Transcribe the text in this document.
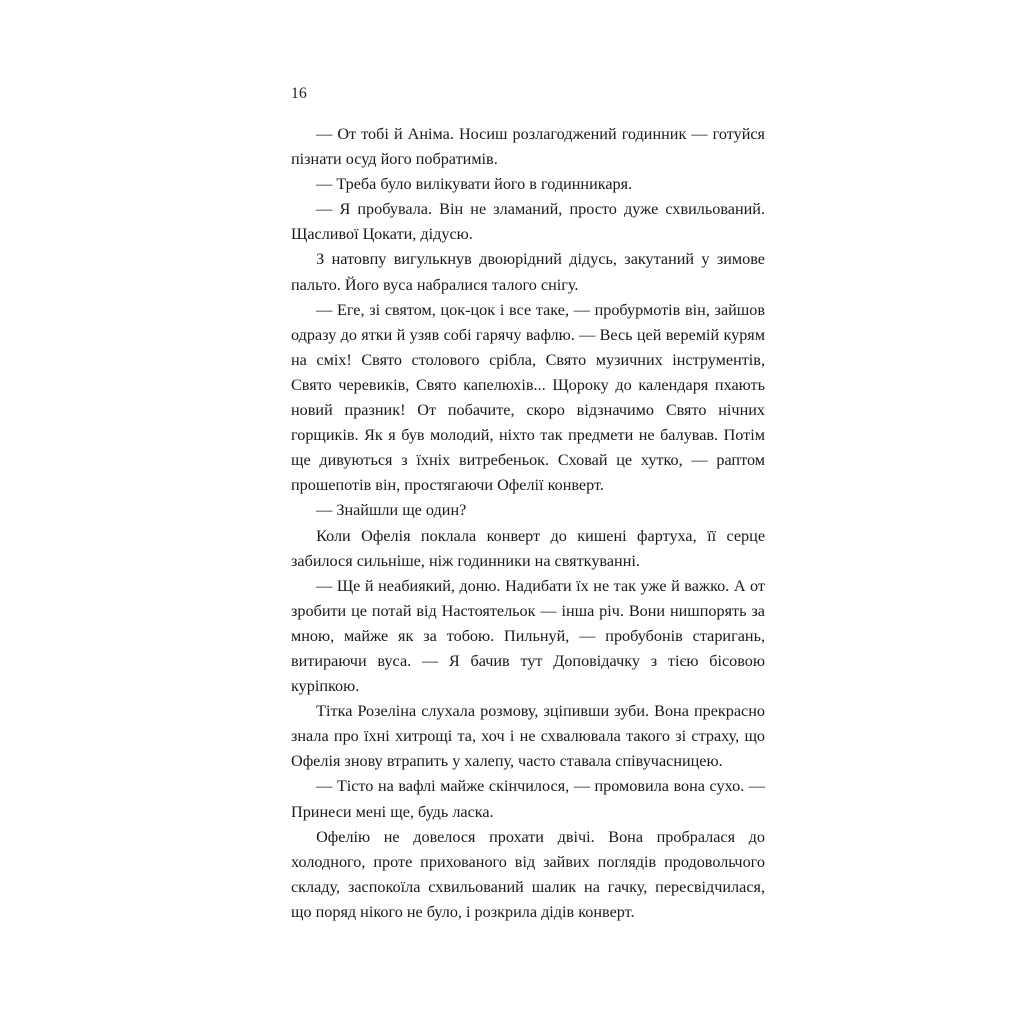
16

— От тобі й Аніма. Носиш розлагоджений годинник — готуйся пізнати осуд його побратимів.

— Треба було вилікувати його в годинникаря.

— Я пробувала. Він не зламаний, просто дуже схвильований. Щасливої Цокати, дідусю.

З натовпу вигулькнув двоюрідний дідусь, закутаний у зимове пальто. Його вуса набралися талого снігу.

— Еге, зі святом, цок-цок і все таке, — пробурмотів він, зайшов одразу до ятки й узяв собі гарячу вафлю. — Весь цей веремій курям на сміх! Свято столового срібла, Свято музичних інструментів, Свято черевиків, Свято капелюхів... Щороку до календаря пхають новий празник! От побачите, скоро відзначимо Свято нічних горщиків. Як я був молодий, ніхто так предмети не балував. Потім ще дивуються з їхніх витребеньок. Сховай це хутко, — раптом прошепотів він, простягаючи Офелії конверт.

— Знайшли ще один?

Коли Офелія поклала конверт до кишені фартуха, її серце забилося сильніше, ніж годинники на святкуванні.

— Ще й неабиякий, доню. Надибати їх не так уже й важко. А от зробити це потай від Настоятельок — інша річ. Вони нишпорять за мною, майже як за тобою. Пильнуй, — пробубонів старигань, витираючи вуса. — Я бачив тут Доповідачку з тією бісовою куріпкою.

Тітка Розеліна слухала розмову, зціпивши зуби. Вона прекрасно знала про їхні хитрощі та, хоч і не схвалювала такого зі страху, що Офелія знову втрапить у халепу, часто ставала співучасницею.

— Тісто на вафлі майже скінчилося, — промовила вона сухо. — Принеси мені ще, будь ласка.

Офелію не довелося прохати двічі. Вона пробралася до холодного, проте прихованого від зайвих поглядів продовольчого складу, заспокоїла схвильований шалик на гачку, пересвідчилася, що поряд нікого не було, і розкрила дідів конверт.
